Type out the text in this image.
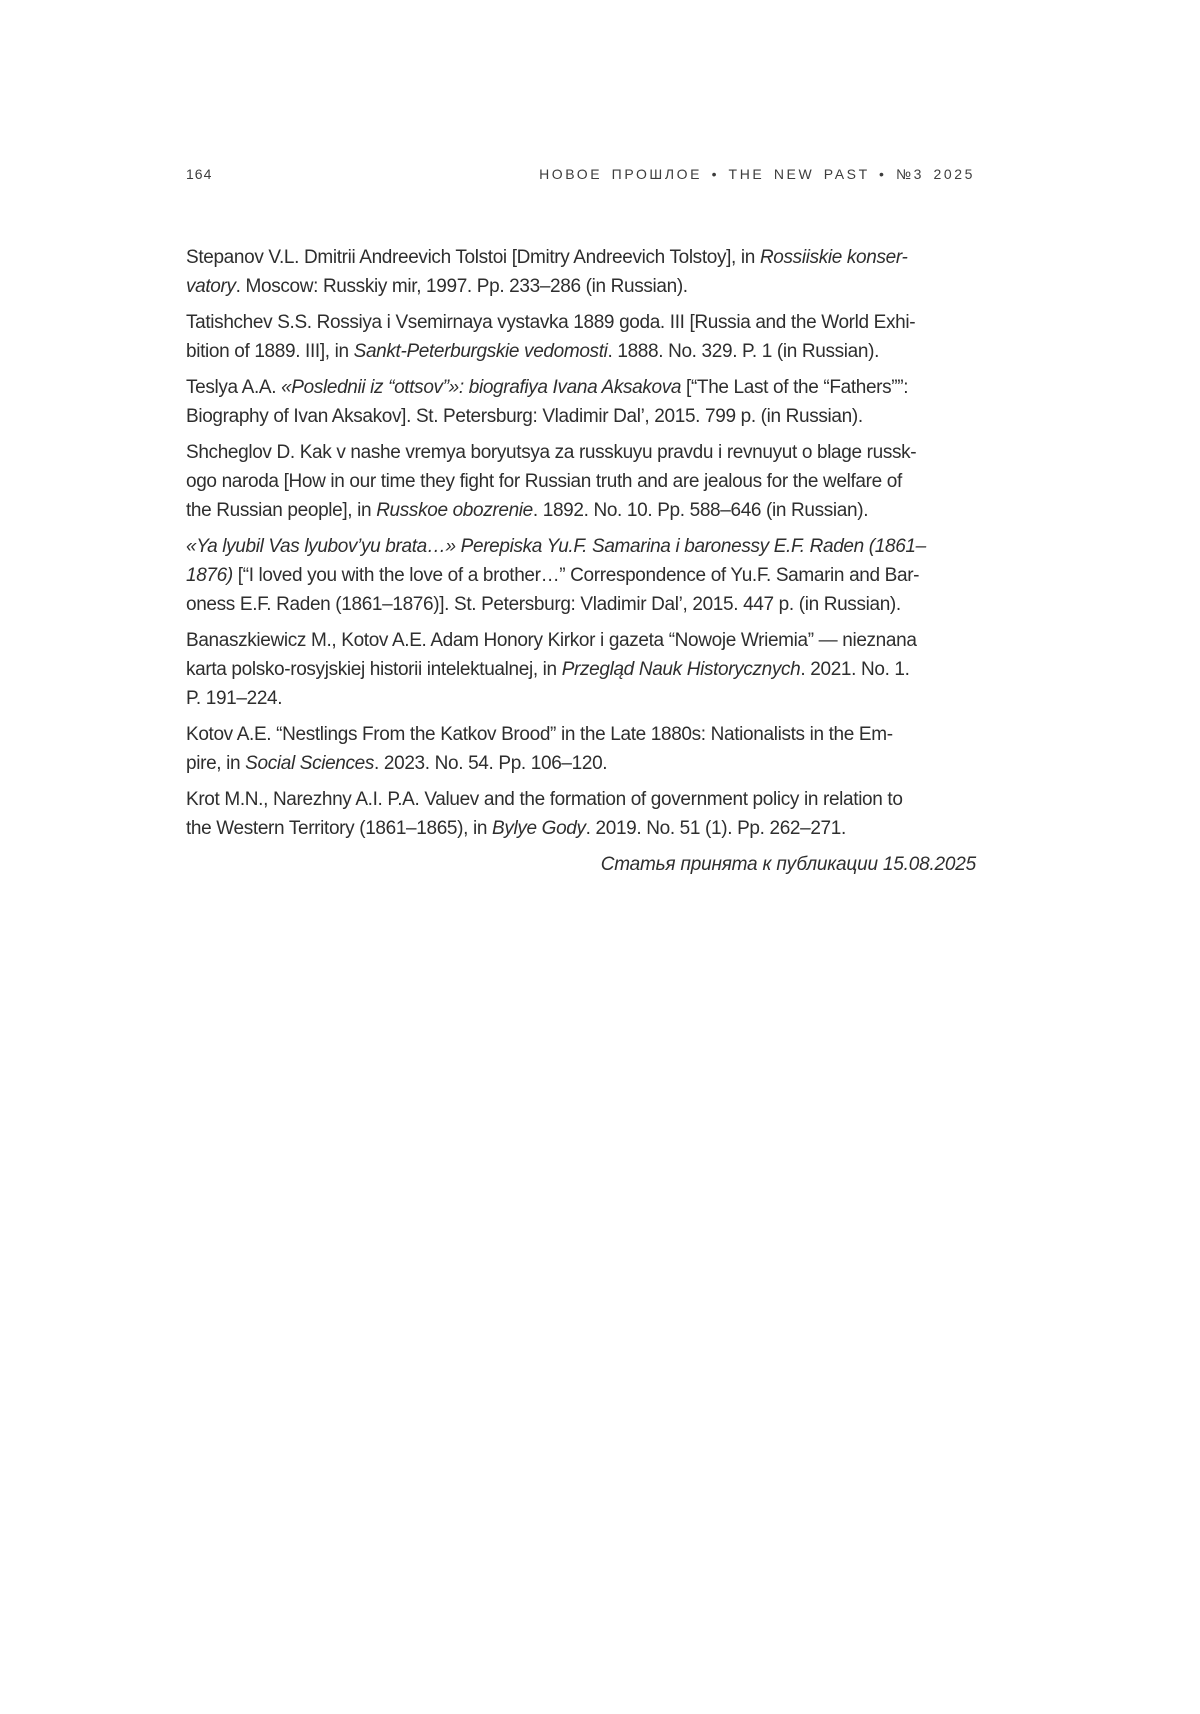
164	НОВОЕ ПРОШЛОЕ • THE NEW PAST • №3 2025

Stepanov V.L. Dmitrii Andreevich Tolstoi [Dmitry Andreevich Tolstoy], in Rossiiskie konser-
vatory. Moscow: Russkiy mir, 1997. Pp. 233–286 (in Russian).

Tatishchev S.S. Rossiya i Vsemirnaya vystavka 1889 goda. III [Russia and the World Exhi-
bition of 1889. III], in Sankt-Peterburgskie vedomosti. 1888. No. 329. P. 1 (in Russian).

Teslya A.A. «Poslednii iz “ottsov”»: biografiya Ivana Aksakova [“The Last of the “Fathers””:
Biography of Ivan Aksakov]. St. Petersburg: Vladimir Dal’, 2015. 799 p. (in Russian).

Shcheglov D. Kak v nashe vremya boryutsya za russkuyu pravdu i revnuyut o blage russk-
ogo naroda [How in our time they fight for Russian truth and are jealous for the welfare of
the Russian people], in Russkoe obozrenie. 1892. No. 10. Pp. 588–646 (in Russian).

«Ya lyubil Vas lyubov’yu brata…» Perepiska Yu.F. Samarina i baronessy E.F. Raden (1861–
1876) [“I loved you with the love of a brother…” Correspondence of Yu.F. Samarin and Bar-
oness E.F. Raden (1861–1876)]. St. Petersburg: Vladimir Dal’, 2015. 447 p. (in Russian).

Banaszkiewicz M., Kotov A.E. Adam Honory Kirkor i gazeta “Nowoje Wriemia” — nieznana
karta polsko-rosyjskiej historii intelektualnej, in Przegląd Nauk Historycznych. 2021. No. 1.
P. 191–224.

Kotov A.E. “Nestlings From the Katkov Brood” in the Late 1880s: Nationalists in the Em-
pire, in Social Sciences. 2023. No. 54. Pp. 106–120.

Krot M.N., Narezhny A.I. P.A. Valuev and the formation of government policy in relation to
the Western Territory (1861–1865), in Bylye Gody. 2019. No. 51 (1). Pp. 262–271.

Статья принята к публикации 15.08.2025
